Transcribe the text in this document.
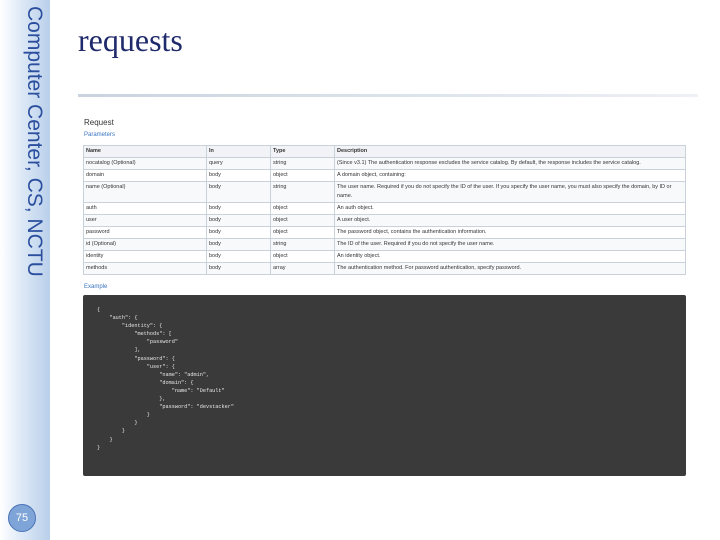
Computer Center, CS, NCTU
75
requests
Request
Parameters
Name	In	Type	Description
nocatalog (Optional)	query	string	(Since v3.1) The authentication response excludes the service catalog. By default, the response includes the service catalog.
domain	body	object	A domain object, containing:
name (Optional)	body	string	The user name. Required if you do not specify the ID of the user. If you specify the user name, you must also specify the domain, by ID or name.
auth	body	object	An auth object.
user	body	object	A user object.
password	body	object	The password object, contains the authentication information.
id (Optional)	body	string	The ID of the user. Required if you do not specify the user name.
identity	body	object	An identity object.
methods	body	array	The authentication method. For password authentication, specify password.
Example
{
"auth": {
"identity": {
"methods": [
"password"
],
"password": {
"user": {
"name": "admin",
"domain": {
"name": "Default"
},
"password": "devstacker"
}
}
}
}
}
